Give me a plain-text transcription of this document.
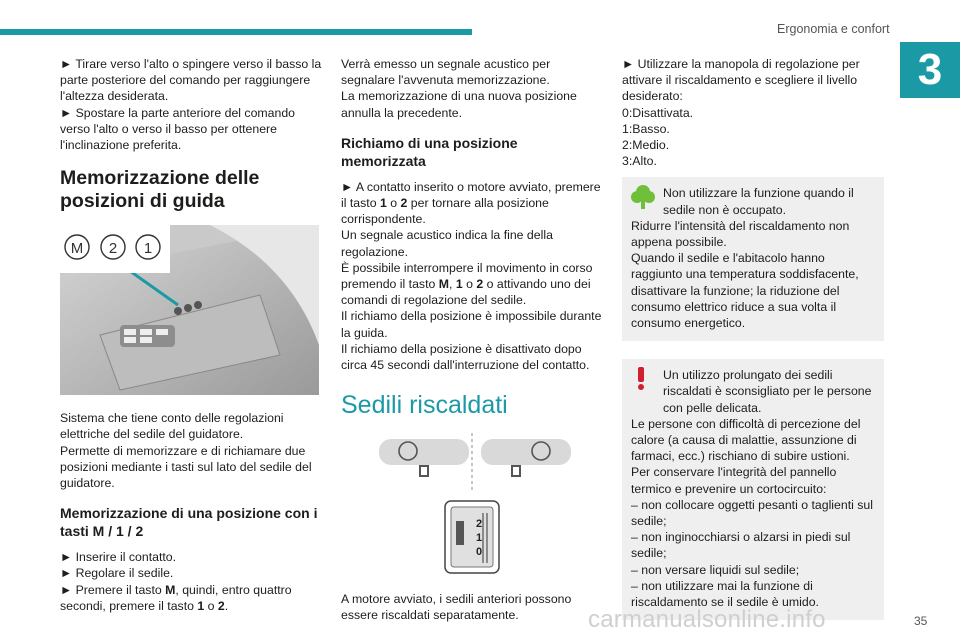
Ergonomia e confort
3

► Tirare verso l'alto o spingere verso il basso la parte posteriore del comando per raggiungere l'altezza desiderata.

► Spostare la parte anteriore del comando verso l'alto o verso il basso per ottenere l'inclinazione preferita.

Memorizzazione delle posizioni di guida
M 2 1

Sistema che tiene conto delle regolazioni elettriche del sedile del guidatore.

Permette di memorizzare e di richiamare due posizioni mediante i tasti sul lato del sedile del guidatore.

Memorizzazione di una posizione con i tasti M / 1 / 2

► Inserire il contatto.

► Regolare il sedile.

► Premere il tasto M, quindi, entro quattro secondi, premere il tasto 1 o 2.

Verrà emesso un segnale acustico per segnalare l'avvenuta memorizzazione.

La memorizzazione di una nuova posizione annulla la precedente.

Richiamo di una posizione memorizzata

► A contatto inserito o motore avviato, premere il tasto 1 o 2 per tornare alla posizione corrispondente.

Un segnale acustico indica la fine della regolazione.

È possibile interrompere il movimento in corso premendo il tasto M, 1 o 2 o attivando uno dei comandi di regolazione del sedile.

Il richiamo della posizione è impossibile durante la guida.

Il richiamo della posizione è disattivato dopo circa 45 secondi dall'interruzione del contatto.

Sedili riscaldati
2
1
0

A motore avviato, i sedili anteriori possono essere riscaldati separatamente.

► Utilizzare la manopola di regolazione per attivare il riscaldamento e scegliere il livello desiderato:

0:Disattivata.

1:Basso.

2:Medio.

3:Alto.

Non utilizzare la funzione quando il sedile non è occupato.

Ridurre l'intensità del riscaldamento non appena possibile.

Quando il sedile e l'abitacolo hanno raggiunto una temperatura soddisfacente, disattivare la funzione; la riduzione del consumo elettrico riduce a sua volta il consumo energetico.

Un utilizzo prolungato dei sedili riscaldati è sconsigliato per le persone con pelle delicata.

Le persone con difficoltà di percezione del calore (a causa di malattie, assunzione di farmaci, ecc.) rischiano di subire ustioni.

Per conservare l'integrità del pannello termico e prevenire un cortocircuito:

– non collocare oggetti pesanti o taglienti sul sedile;

– non inginocchiarsi o alzarsi in piedi sul sedile;

– non versare liquidi sul sedile;

– non utilizzare mai la funzione di riscaldamento se il sedile è umido.

carmanualsonline.info	35
